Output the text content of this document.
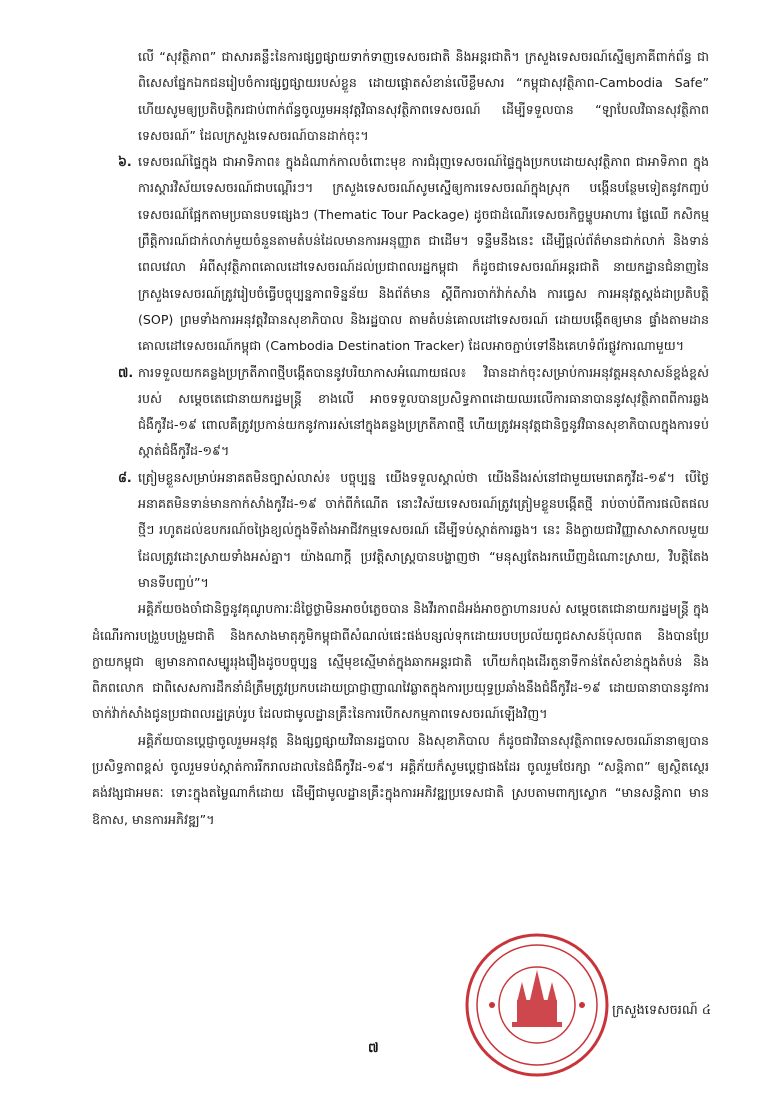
លើ “សុវត្ថិភាព” ជាសារគន្លឹះនៃការផ្សព្វផ្សាយទាក់ទាញទេសចរជាតិ និងអន្តរជាតិ។ ក្រសួងទេសចរណ៍ស្នើឲ្យភាគីពាក់ព័ន្ធ ជាពិសេសផ្នែកឯកជនរៀបចំការផ្សព្វផ្សាយរបស់ខ្លួន ដោយផ្តោតសំខាន់លើខ្លឹមសារ “កម្ពុជាសុវត្ថិភាព-Cambodia Safe” ហើយសូមឲ្យប្រតិបត្តិករជាប់ពាក់ព័ន្ធចូលរួមអនុវត្តវិធានសុវត្ថិភាពទេសចរណ៍ ដើម្បីទទួលបាន “ឡាបែលវិធានសុវត្ថិភាពទេសចរណ៍” ដែលក្រសួងទេសចរណ៍បានដាក់ចុះ។

៦. ទេសចរណ៍ផ្ទៃក្នុង ជាអាទិភាព៖ ក្នុងដំណាក់កាលចំពោះមុខ ការជំរុញទេសចរណ៍ផ្ទៃក្នុងប្រកបដោយសុវត្ថិភាព ជាអាទិភាព ក្នុងការស្តារវិស័យទេសចរណ៍ជាបណ្តើរៗ។ ក្រសួងទេសចរណ៍សូមស្នើឲ្យការទេសចរណ៍ក្នុងស្រុក បង្កើនបន្ថែមទៀតនូវកញ្ចប់ទេសចរណ៍ផ្អែកតាមប្រធានបទផ្សេងៗ (Thematic Tour Package) ដូចជាដំណើរទេសចរកិច្ចម្ហូបអាហារ ផ្លែឈើ កសិកម្ម ព្រឹត្តិការណ៍ជាក់លាក់មួយចំនួនតាមតំបន់ដែលមានការអនុញ្ញាត ជាដើម។ ទន្ទឹមនឹងនេះ ដើម្បីផ្តល់ព័ត៌មានជាក់លាក់ និងទាន់ពេលវេលា អំពីសុវត្ថិភាពគោលដៅទេសចរណ៍ដល់ប្រជាពលរដ្ឋកម្ពុជា ក៏ដូចជាទេសចរណ៍អន្តរជាតិ នាយកដ្ឋានជំនាញនៃក្រសួងទេសចរណ៍ត្រូវរៀបចំធ្វើបច្ចុប្បន្នភាពទិន្នន័យ និងព័ត៌មាន ស្តីពីការចាក់វ៉ាក់សាំង ការធ្វេស ការអនុវត្តស្តង់ដាប្រតិបត្តិ (SOP) ព្រមទាំងការអនុវត្តវិធានសុខាភិបាល និងរដ្ឋបាល តាមតំបន់គោលដៅទេសចរណ៍ ដោយបង្កើតឲ្យមាន ផ្ទាំងតាមដានគោលដៅទេសចរណ៍កម្ពុជា (Cambodia Destination Tracker) ដែលអាចភ្ជាប់ទៅនឹងគេហទំព័រផ្លូវការណាមួយ។

៧. ការទទួលយកគន្លងប្រក្រតីភាពថ្មីបង្កើតបាននូវបរិយាកាសអំណោយផល៖ វិធានដាក់ចុះសម្រាប់ការអនុវត្តអនុសាសន៍ខ្ពង់ខ្ពស់របស់ សម្តេចតេជោនាយករដ្ឋមន្ត្រី ខាងលើ អាចទទួលបានប្រសិទ្ធភាពដោយឈរលើការធានាបាននូវសុវត្ថិភាពពីការឆ្លងជំងឺកូវីដ-១៩ ពោលគឺត្រូវប្រកាន់យកនូវការរស់នៅក្នុងគន្លងប្រក្រតីភាពថ្មី ហើយត្រូវអនុវត្តជានិច្ចនូវវិធានសុខាភិបាលក្នុងការទប់ស្កាត់ជំងឺកូវីដ-១៩។

៨. ត្រៀមខ្លួនសម្រាប់អនាគតមិនច្បាស់លាស់៖ បច្ចុប្បន្ន យើងទទួលស្គាល់ថា យើងនឹងរស់នៅជាមួយមេរោគកូវីដ-១៩។ បើថ្ងៃអនាគតមិនទាន់មានកាក់សាំងកូវីដ-១៩ ចាក់ពីកំណើត នោះវិស័យទេសចរណ៍ត្រូវត្រៀមខ្លួនបង្កើតថ្មី រាប់ចាប់ពីការផលិតផលថ្មីៗ រហូតដល់ឧបករណ៍ចង្រៃខ្យល់ក្នុងទីតាំងអាជីវកម្មទេសចរណ៍ ដើម្បីទប់ស្កាត់ការឆ្លង។ នេះ និងក្លាយជាវិញ្ញាសាសាកលមួយ ដែលត្រូវដោះស្រាយទាំងអស់គ្នា។ យ៉ាងណាក្តី ប្រវត្តិសាស្ត្របានបង្ហាញថា “មនុស្សតែងរកឃើញដំណោះស្រាយ, វិបត្តិតែងមានទីបញ្ចប់”។

អគ្គិភ័យចងចាំជានិច្ចនូវគុណូបការៈដ៏ថ្លៃថ្លាមិនអាចបំភ្លេចបាន និងវីរភាពដ៏អង់អាចក្លាហានរបស់ សម្តេចតេជោនាយករដ្ឋមន្ត្រី ក្នុងដំណើរការបង្រួបបង្រួមជាតិ និងកសាងមាតុភូមិកម្ពុជាពីសំណល់ផេះផង់បន្សល់ទុកដោយរបបប្រល័យពូជសាសន៍ប៉ុលពត និងបានប្រែក្លាយកម្ពុជា ឲ្យមានភាពសម្បូររុងរឿងដូចបច្ចុប្បន្ន ស្មើមុខស្មើមាត់ក្នុងឆាកអន្តរជាតិ ហើយកំពុងដើរតួនាទីកាន់តែសំខាន់ក្នុងតំបន់ និងពិភពលោក ជាពិសេសការដឹកនាំដ៏ត្រឹមត្រូវប្រកបដោយប្រាជ្ញាញាណវៃឆ្លាតក្នុងការប្រយុទ្ធប្រឆាំងនឹងជំងឺកូវីដ-១៩ ដោយធានាបាននូវការចាក់វ៉ាក់សាំងជូនប្រជាពលរដ្ឋគ្រប់រូប ដែលជាមូលដ្ឋានគ្រឹះនៃការបើកសកម្មភាពទេសចរណ៍ឡើងវិញ។

អគ្គិភ័យបានប្តេជ្ញាចូលរួមអនុវត្ត និងផ្សព្វផ្សាយវិធានរដ្ឋបាល និងសុខាភិបាល ក៏ដូចជាវិធានសុវត្ថិភាពទេសចរណ៍នានាឲ្យបានប្រសិទ្ធភាពខ្ពស់ ចូលរួមទប់ស្កាត់ការរីករាលដាលនៃជំងឺកូវីដ-១៩។ អគ្គិភ័យក៏សូមប្តេជ្ញាផងដែរ ចូលរួមថែរក្សា “សន្តិភាព” ឲ្យស្ថិតស្ថេរគង់វង្សជាអមតៈ ទោះក្នុងតម្លៃណាក៏ដោយ ដើម្បីជាមូលដ្ឋានគ្រឹះក្នុងការអភិវឌ្ឍប្រទេសជាតិ ស្របតាមពាក្យស្លោក “មានសន្តិភាព មានឱកាស, មានការអភិវឌ្ឍ”។

ក្រសួងទេសចរណ៍ ៤
៧
